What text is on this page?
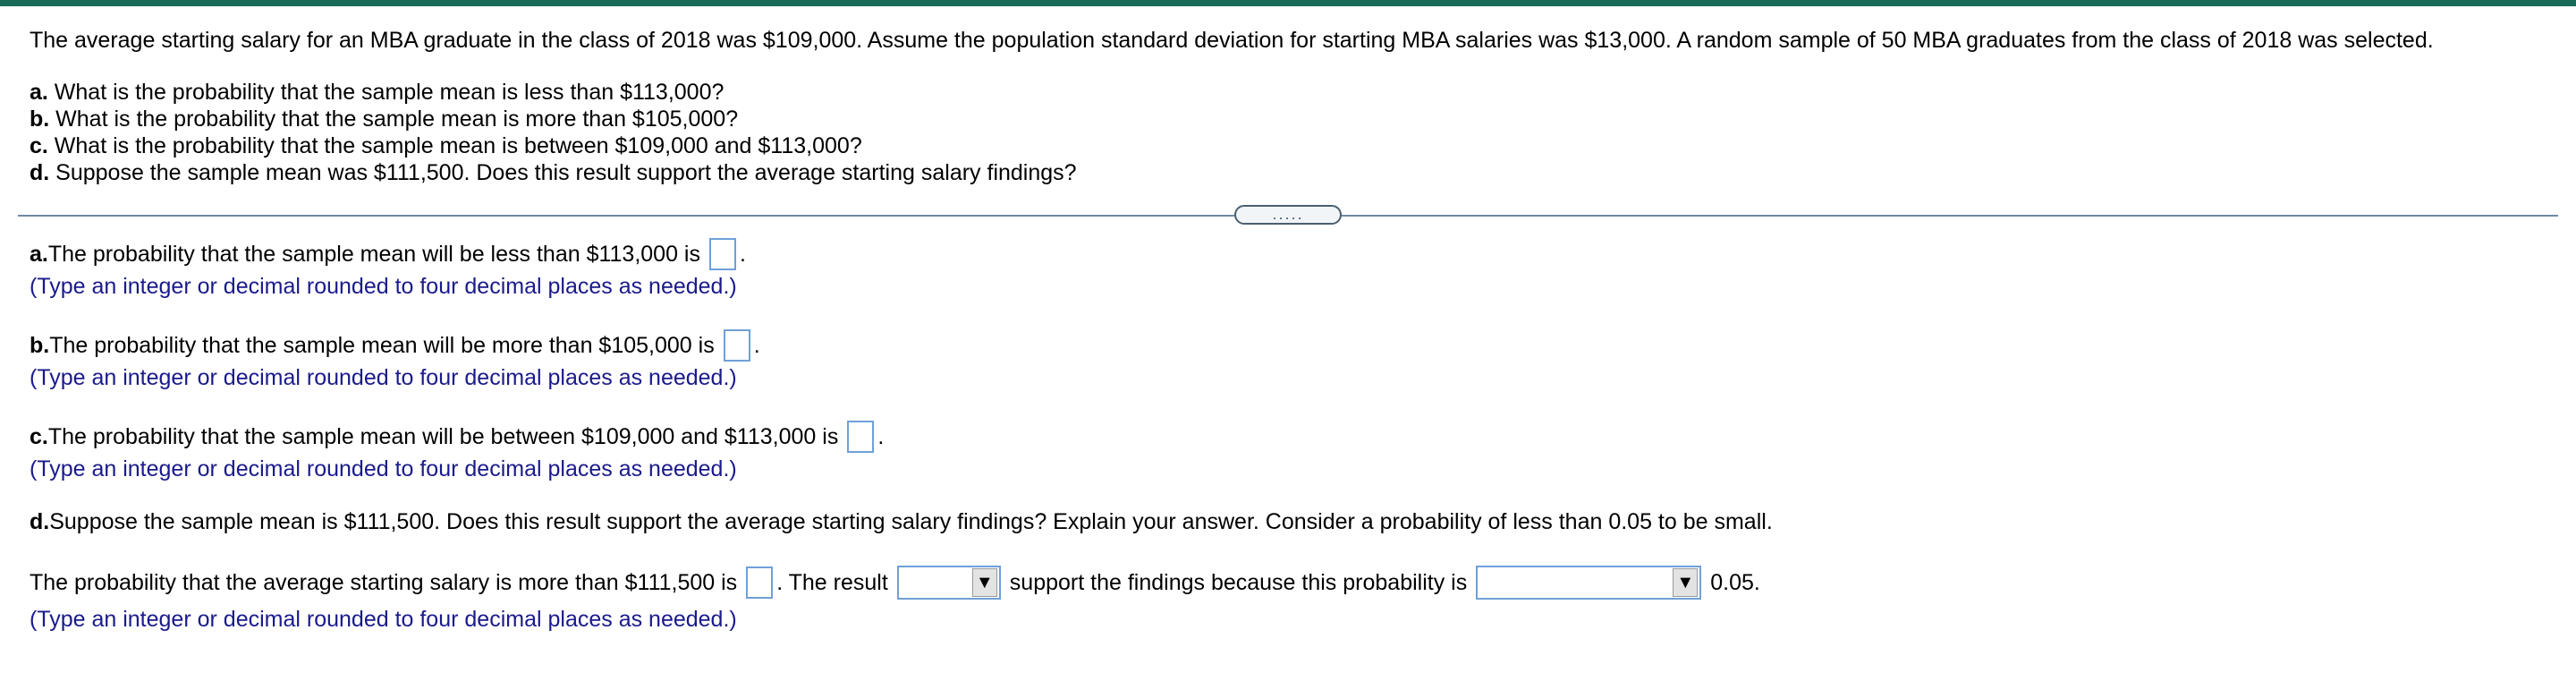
The average starting salary for an MBA graduate in the class of 2018 was $109,000. Assume the population standard deviation for starting MBA salaries was $13,000. A random sample of 50 MBA graduates from the class of 2018 was selected.
a. What is the probability that the sample mean is less than $113,000?
b. What is the probability that the sample mean is more than $105,000?
c. What is the probability that the sample mean is between $109,000 and $113,000?
d. Suppose the sample mean was $111,500. Does this result support the average starting salary findings?
.....
a. The probability that the sample mean will be less than $113,000 is .
(Type an integer or decimal rounded to four decimal places as needed.)
b. The probability that the sample mean will be more than $105,000 is .
(Type an integer or decimal rounded to four decimal places as needed.)
c. The probability that the sample mean will be between $109,000 and $113,000 is .
(Type an integer or decimal rounded to four decimal places as needed.)
d. Suppose the sample mean is $111,500. Does this result support the average starting salary findings? Explain your answer. Consider a probability of less than 0.05 to be small.
The probability that the average starting salary is more than $111,500 is . The result	▼ support the findings because this probability is	▼ 0.05.
(Type an integer or decimal rounded to four decimal places as needed.)
